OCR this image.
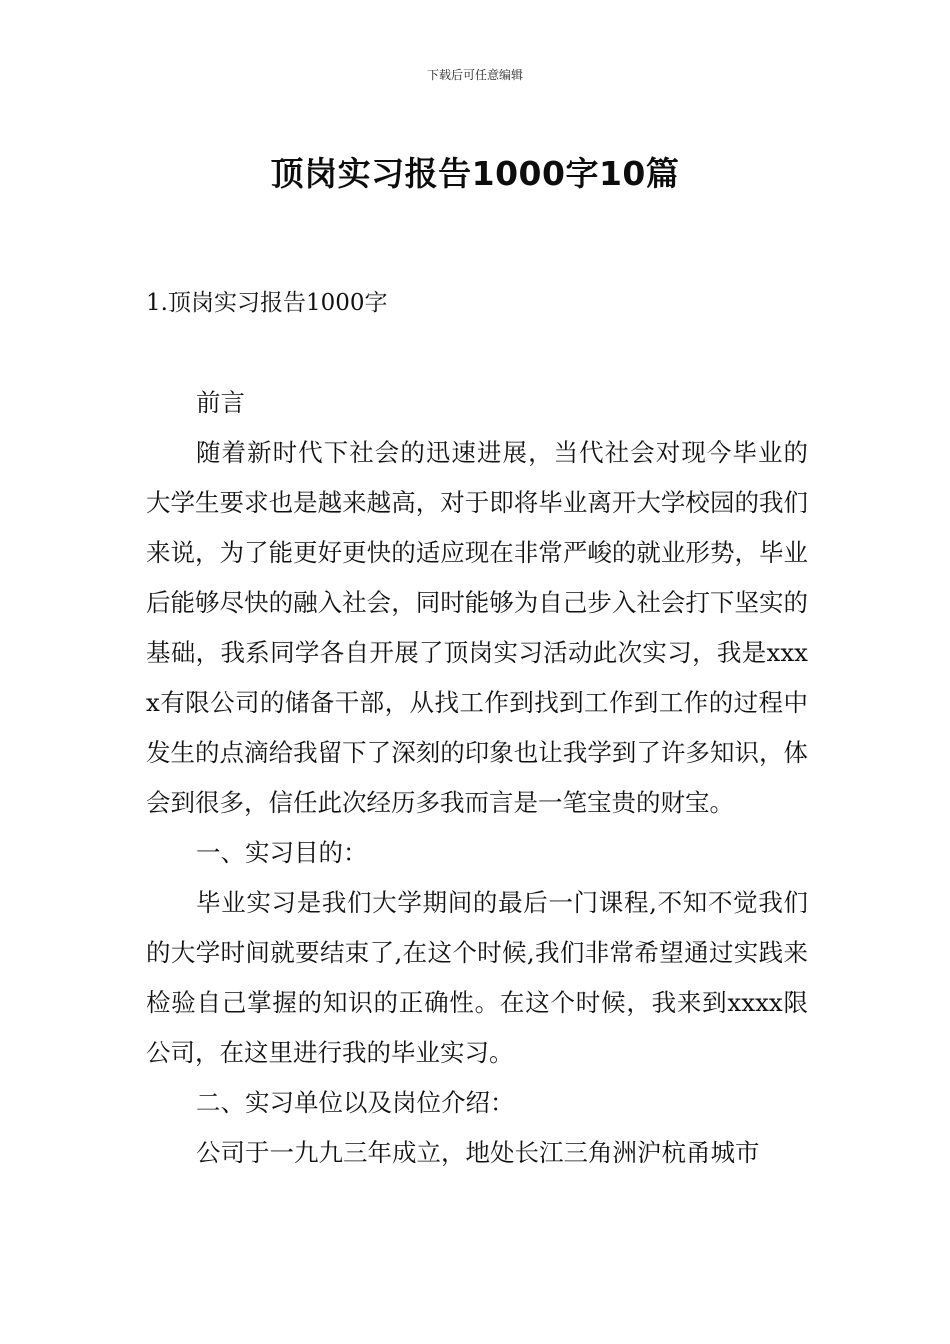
下载后可任意编辑
顶岗实习报告1000字10篇
1.顶岗实习报告1000字

前言

随着新时代下社会的迅速进展，当代社会对现今毕业的大学生要求也是越来越高，对于即将毕业离开大学校园的我们来说，为了能更好更快的适应现在非常严峻的就业形势，毕业后能够尽快的融入社会，同时能够为自己步入社会打下坚实的基础，我系同学各自开展了顶岗实习活动此次实习，我是xxxx有限公司的储备干部，从找工作到找到工作到工作的过程中发生的点滴给我留下了深刻的印象也让我学到了许多知识，体会到很多，信任此次经历多我而言是一笔宝贵的财宝。

一、实习目的：

毕业实习是我们大学期间的最后一门课程,不知不觉我们的大学时间就要结束了,在这个时候,我们非常希望通过实践来检验自己掌握的知识的正确性。在这个时候，我来到xxxx限公司，在这里进行我的毕业实习。

二、实习单位以及岗位介绍：

公司于一九九三年成立，地处长江三角洲沪杭甬城市
